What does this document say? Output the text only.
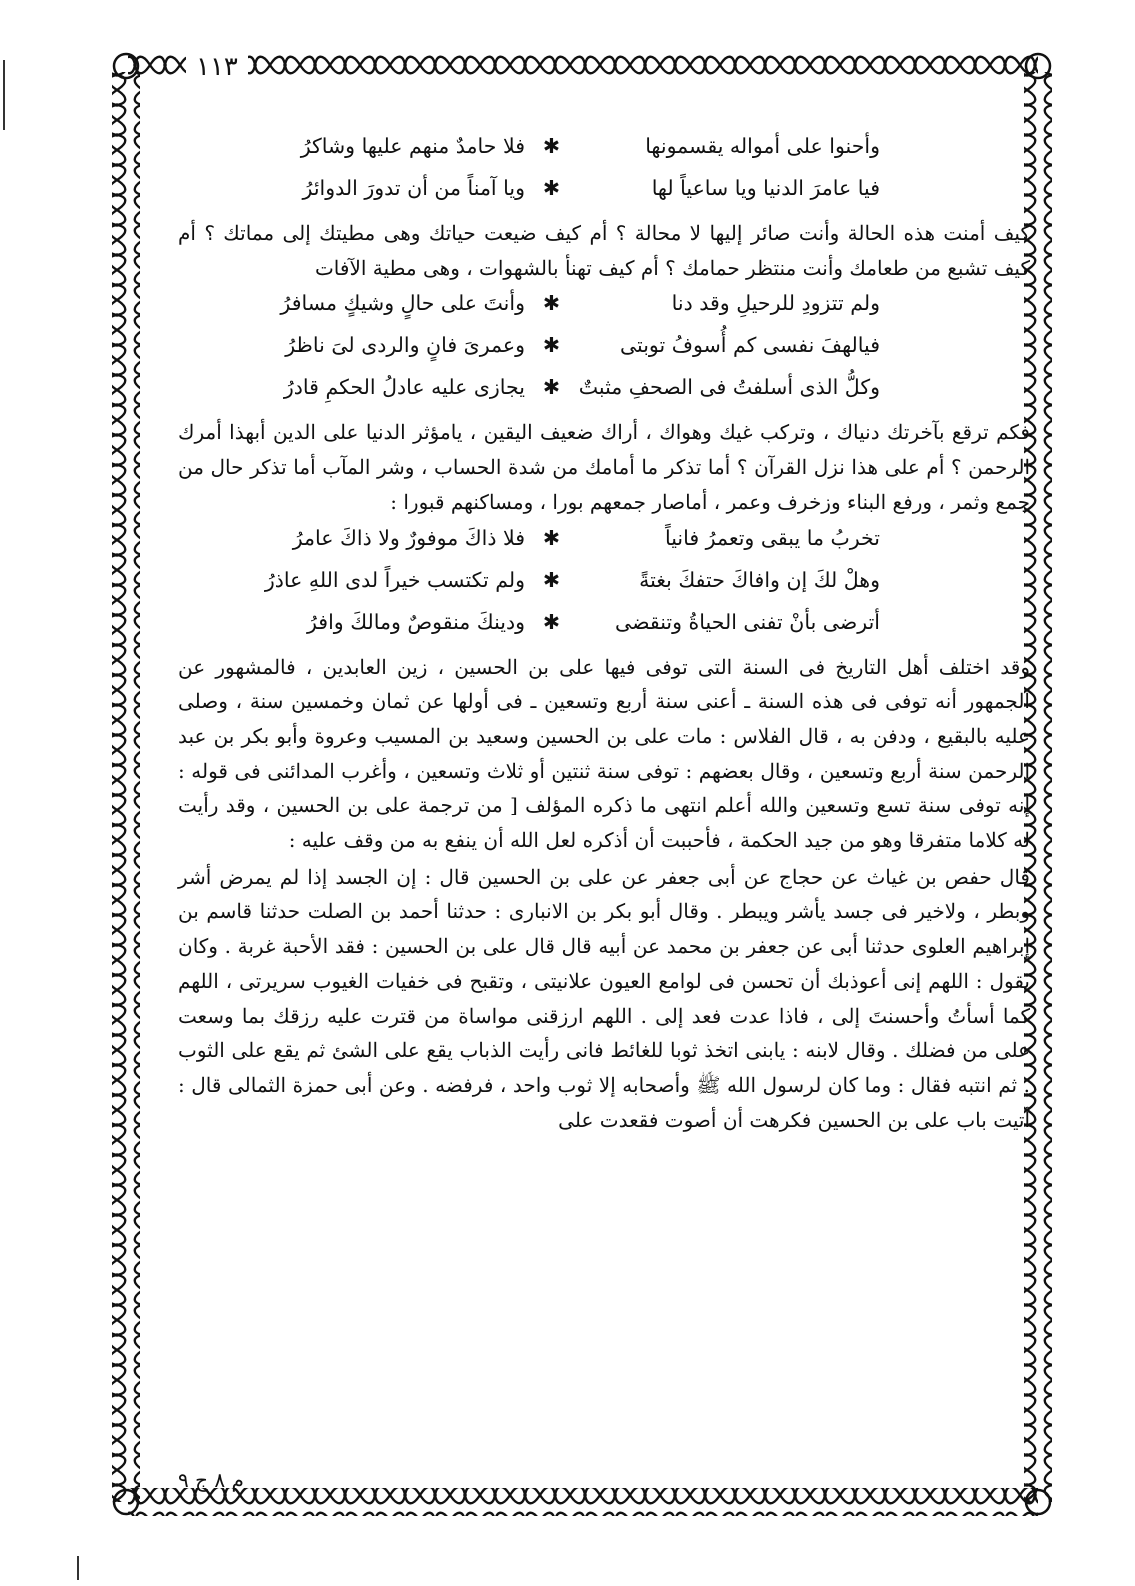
١١٣
وأحنوا على أمواله يقسمونها
✱
فلا حامدٌ منهم عليها وشاكرُ
فيا عامرَ الدنيا ويا ساعياً لها
✱
ويا آمناً من أن تدورَ الدوائرُ

كيف أمنت هذه الحالة وأنت صائر إليها لا محالة ؟ أم كيف ضيعت حياتك وهى مطيتك إلى مماتك ؟ أم كيف تشبع من طعامك وأنت منتظر حمامك ؟ أم كيف تهنأ بالشهوات ، وهى مطية الآفات

ولم تتزودِ للرحيلِ وقد دنا
✱
وأنتَ على حالٍ وشيكٍ مسافرُ
فيالهفَ نفسى كم أُسوفُ توبتى
✱
وعمرىَ فانٍ والردى لىَ ناظرُ
وكلُّ الذى أسلفتُ فى الصحفِ مثبتٌ
✱
يجازى عليه عادلُ الحكمِ قادرُ

فكم ترقع بآخرتك دنياك ، وتركب غيك وهواك ، أراك ضعيف اليقين ، يامؤثر الدنيا على الدين أبهذا أمرك الرحمن ؟ أم على هذا نزل القرآن ؟ أما تذكر ما أمامك من شدة الحساب ، وشر المآب أما تذكر حال من جمع وثمر ، ورفع البناء وزخرف وعمر ، أماصار جمعهم بورا ، ومساكنهم قبورا :

تخربُ ما يبقى وتعمرُ فانياً
✱
فلا ذاكَ موفورٌ ولا ذاكَ عامرُ
وهلْ لكَ إن وافاكَ حتفكَ بغتةً
✱
ولم تكتسب خيراً لدى اللهِ عاذرُ
أترضى بأنْ تفنى الحياةُ وتنقضى
✱
ودينكَ منقوصٌ ومالكَ وافرُ

وقد اختلف أهل التاريخ فى السنة التى توفى فيها على بن الحسين ، زين العابدين ، فالمشهور عن الجمهور أنه توفى فى هذه السنة ـ أعنى سنة أربع وتسعين ـ فى أولها عن ثمان وخمسين سنة ، وصلى عليه بالبقيع ، ودفن به ، قال الفلاس : مات على بن الحسين وسعيد بن المسيب وعروة وأبو بكر بن عبد الرحمن سنة أربع وتسعين ، وقال بعضهم : توفى سنة ثنتين أو ثلاث وتسعين ، وأغرب المدائنى فى قوله : إنه توفى سنة تسع وتسعين والله أعلم انتهى ما ذكره المؤلف [ من ترجمة على بن الحسين ، وقد رأيت له كلاما متفرقا وهو من جيد الحكمة ، فأحببت أن أذكره لعل الله أن ينفع به من وقف عليه :

قال حفص بن غياث عن حجاج عن أبى جعفر عن على بن الحسين قال : إن الجسد إذا لم يمرض أشر وبطر ، ولاخير فى جسد يأشر ويبطر . وقال أبو بكر بن الانبارى : حدثنا أحمد بن الصلت حدثنا قاسم بن إبراهيم العلوى حدثنا أبى عن جعفر بن محمد عن أبيه قال قال على بن الحسين : فقد الأحبة غربة . وكان يقول : اللهم إنى أعوذبك أن تحسن فى لوامع العيون علانيتى ، وتقبح فى خفيات الغيوب سريرتى ، اللهم كما أسأتُ وأحسنتَ إلى ، فاذا عدت فعد إلى . اللهم ارزقنى مواساة من قترت عليه رزقك بما وسعت على من فضلك . وقال لابنه : يابنى اتخذ ثوبا للغائط فانى رأيت الذباب يقع على الشئ ثم يقع على الثوب . ثم انتبه فقال : وما كان لرسول الله ﷺ وأصحابه إلا ثوب واحد ، فرفضه . وعن أبى حمزة الثمالى قال : أتيت باب على بن الحسين فكرهت أن أصوت فقعدت على

م ٨ ج ٩
